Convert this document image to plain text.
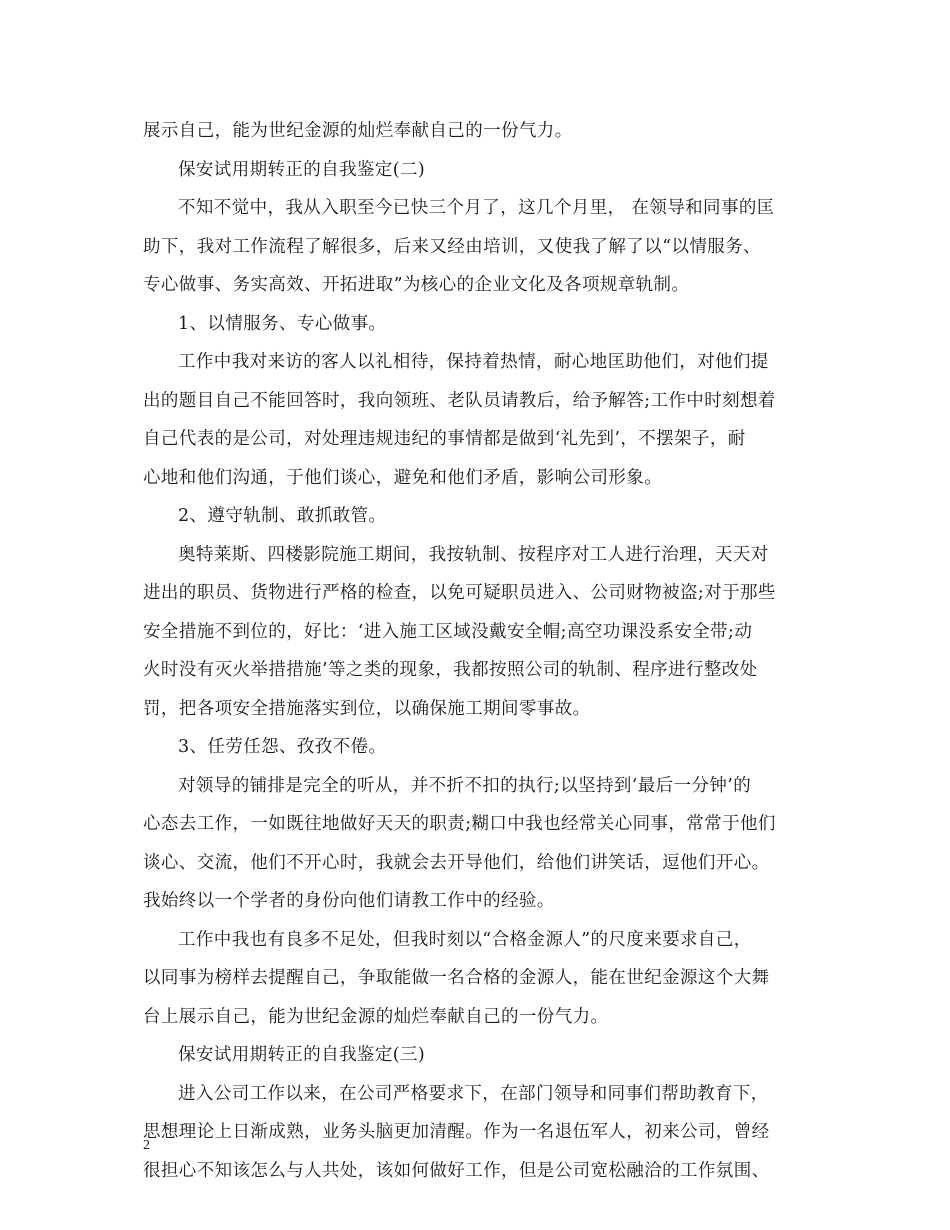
展示自己，能为世纪金源的灿烂奉献自己的一份气力。
保安试用期转正的自我鉴定(二)
不知不觉中，我从入职至今已快三个月了，这几个月里， 在领导和同事的匡
助下，我对工作流程了解很多，后来又经由培训，又使我了解了以“以情服务、
专心做事、务实高效、开拓进取”为核心的企业文化及各项规章轨制。
1、以情服务、专心做事。
工作中我对来访的客人以礼相待，保持着热情，耐心地匡助他们，对他们提
出的题目自己不能回答时，我向领班、老队员请教后，给予解答;工作中时刻想着
自己代表的是公司，对处理违规违纪的事情都是做到‘礼先到’，不摆架子，耐
心地和他们沟通，于他们谈心，避免和他们矛盾，影响公司形象。
2、遵守轨制、敢抓敢管。
奥特莱斯、四楼影院施工期间，我按轨制、按程序对工人进行治理，天天对
进出的职员、货物进行严格的检查，以免可疑职员进入、公司财物被盗;对于那些
安全措施不到位的，好比：‘进入施工区域没戴安全帽;高空功课没系安全带;动
火时没有灭火举措措施’等之类的现象，我都按照公司的轨制、程序进行整改处
罚，把各项安全措施落实到位，以确保施工期间零事故。
3、任劳任怨、孜孜不倦。
对领导的铺排是完全的听从，并不折不扣的执行;以坚持到‘最后一分钟’的
心态去工作，一如既往地做好天天的职责;糊口中我也经常关心同事，常常于他们
谈心、交流，他们不开心时，我就会去开导他们，给他们讲笑话，逗他们开心。
我始终以一个学者的身份向他们请教工作中的经验。
工作中我也有良多不足处，但我时刻以“合格金源人”的尺度来要求自己，
以同事为榜样去提醒自己，争取能做一名合格的金源人，能在世纪金源这个大舞
台上展示自己，能为世纪金源的灿烂奉献自己的一份气力。
保安试用期转正的自我鉴定(三)
进入公司工作以来，在公司严格要求下，在部门领导和同事们帮助教育下，
思想理论上日渐成熟，业务头脑更加清醒。作为一名退伍军人，初来公司，曾经
很担心不知该怎么与人共处，该如何做好工作，但是公司宽松融洽的工作氛围、
2
